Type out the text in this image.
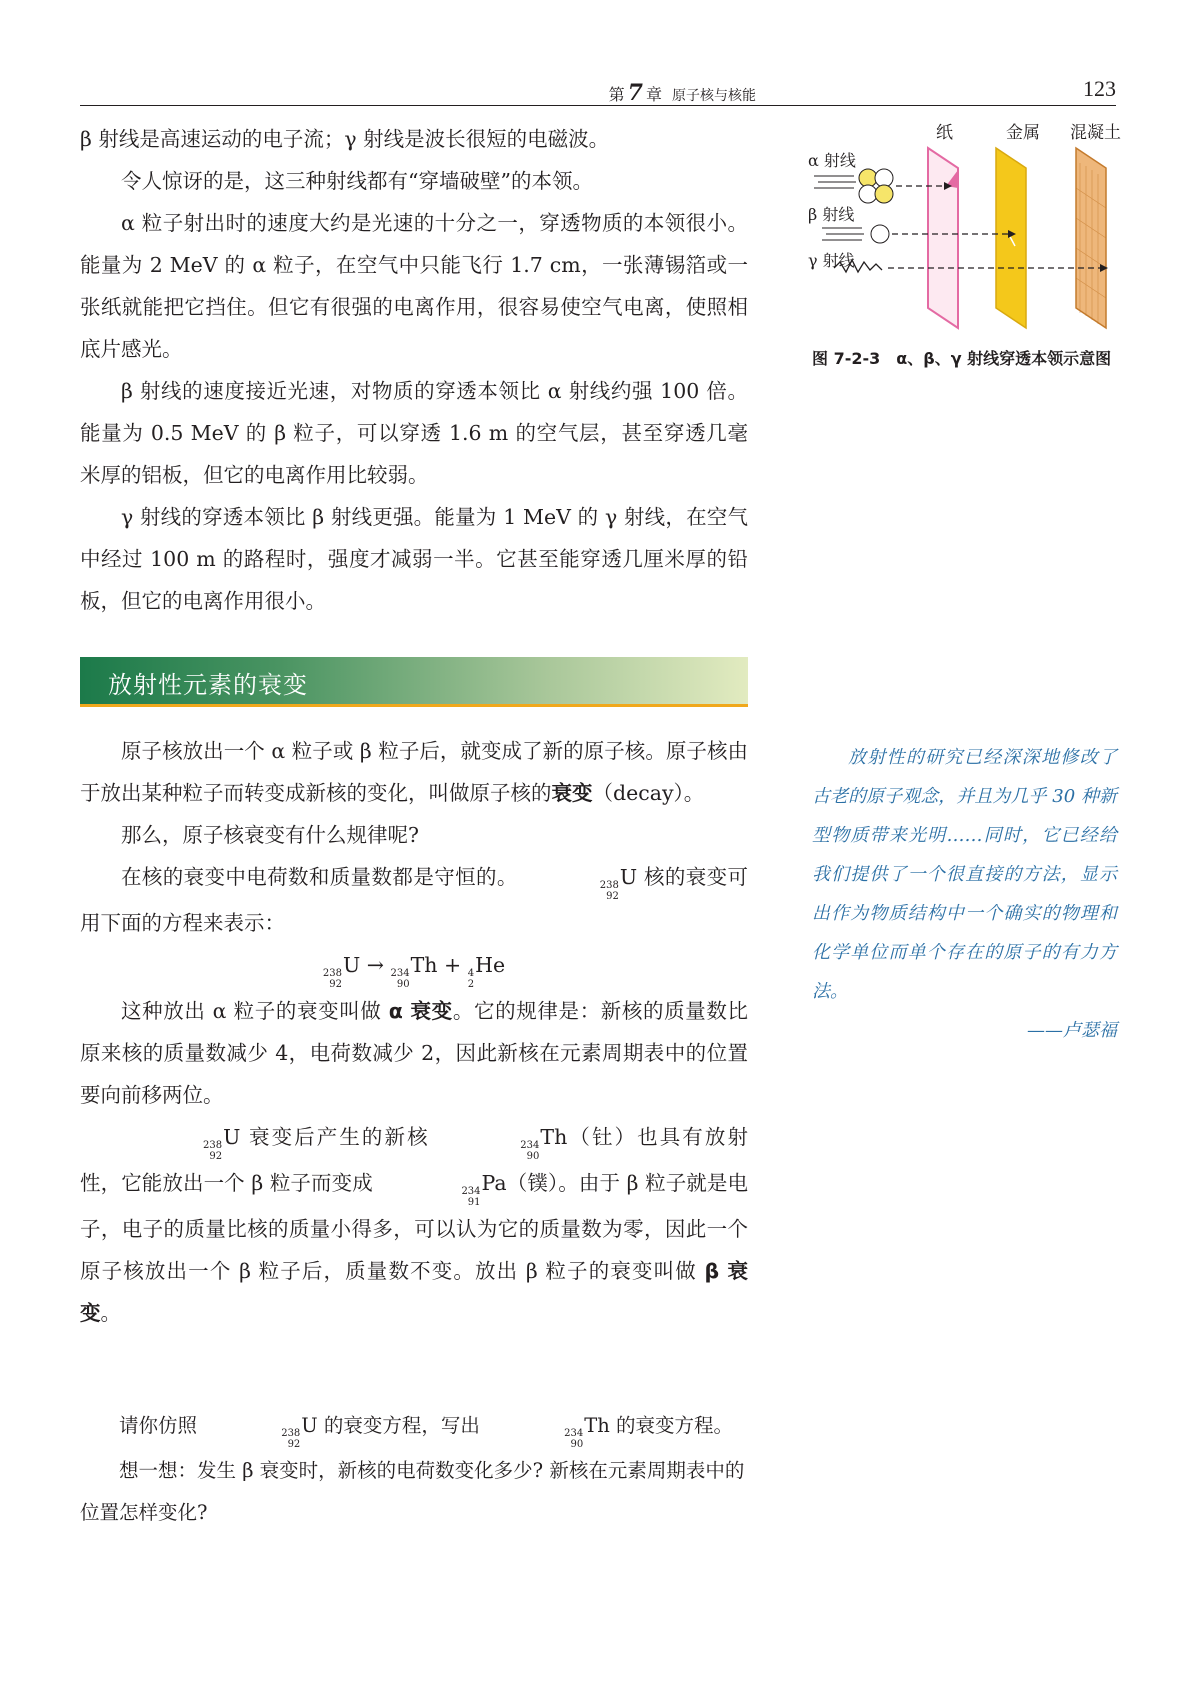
第 7 章 原子核与核能	123

β 射线是高速运动的电子流；γ 射线是波长很短的电磁波。

令人惊讶的是，这三种射线都有“穿墙破壁”的本领。

α 粒子射出时的速度大约是光速的十分之一，穿透物质的本领很小。能量为 2 MeV 的 α 粒子，在空气中只能飞行 1.7 cm，一张薄锡箔或一张纸就能把它挡住。但它有很强的电离作用，很容易使空气电离，使照相底片感光。

β 射线的速度接近光速，对物质的穿透本领比 α 射线约强 100 倍。能量为 0.5 MeV 的 β 粒子，可以穿透 1.6 m 的空气层，甚至穿透几毫米厚的铝板，但它的电离作用比较弱。

γ 射线的穿透本领比 β 射线更强。能量为 1 MeV 的 γ 射线，在空气中经过 100 m 的路程时，强度才减弱一半。它甚至能穿透几厘米厚的铅板，但它的电离作用很小。

放射性元素的衰变

原子核放出一个 α 粒子或 β 粒子后，就变成了新的原子核。原子核由于放出某种粒子而转变成新核的变化，叫做原子核的衰变（decay）。

那么，原子核衰变有什么规律呢?

在核的衰变中电荷数和质量数都是守恒的。	238
92
U 核的衰变可用下面的方程来表示：

238
92
U → 234
90
Th + 4
2
He

这种放出 α 粒子的衰变叫做 α 衰变。它的规律是：新核的质量数比原来核的质量数减少 4，电荷数减少 2，因此新核在元素周期表中的位置要向前移两位。

238
92
U 衰变后产生的新核	234
90
Th（钍）也具有放射性，它能放出一个 β 粒子而变成	234
91
Pa（镤）。由于 β 粒子就是电子，电子的质量比核的质量小得多，可以认为它的质量数为零，因此一个原子核放出一个 β 粒子后，质量数不变。放出 β 粒子的衰变叫做 β 衰变。

请你仿照	238
92
U 的衰变方程，写出	234
90
Th 的衰变方程。

想一想：发生 β 衰变时，新核的电荷数变化多少? 新核在元素周期表中的位置怎样变化?

纸	金属 混凝土
α 射线
β 射线
γ 射线
图 7-2-3　α、β、γ 射线穿透本领示意图

放射性的研究已经深深地修改了古老的原子观念，并且为几乎 30 种新型物质带来光明……同时，它已经给我们提供了一个很直接的方法，显示出作为物质结构中一个确实的物理和化学单位而单个存在的原子的有力方法。

——卢瑟福
